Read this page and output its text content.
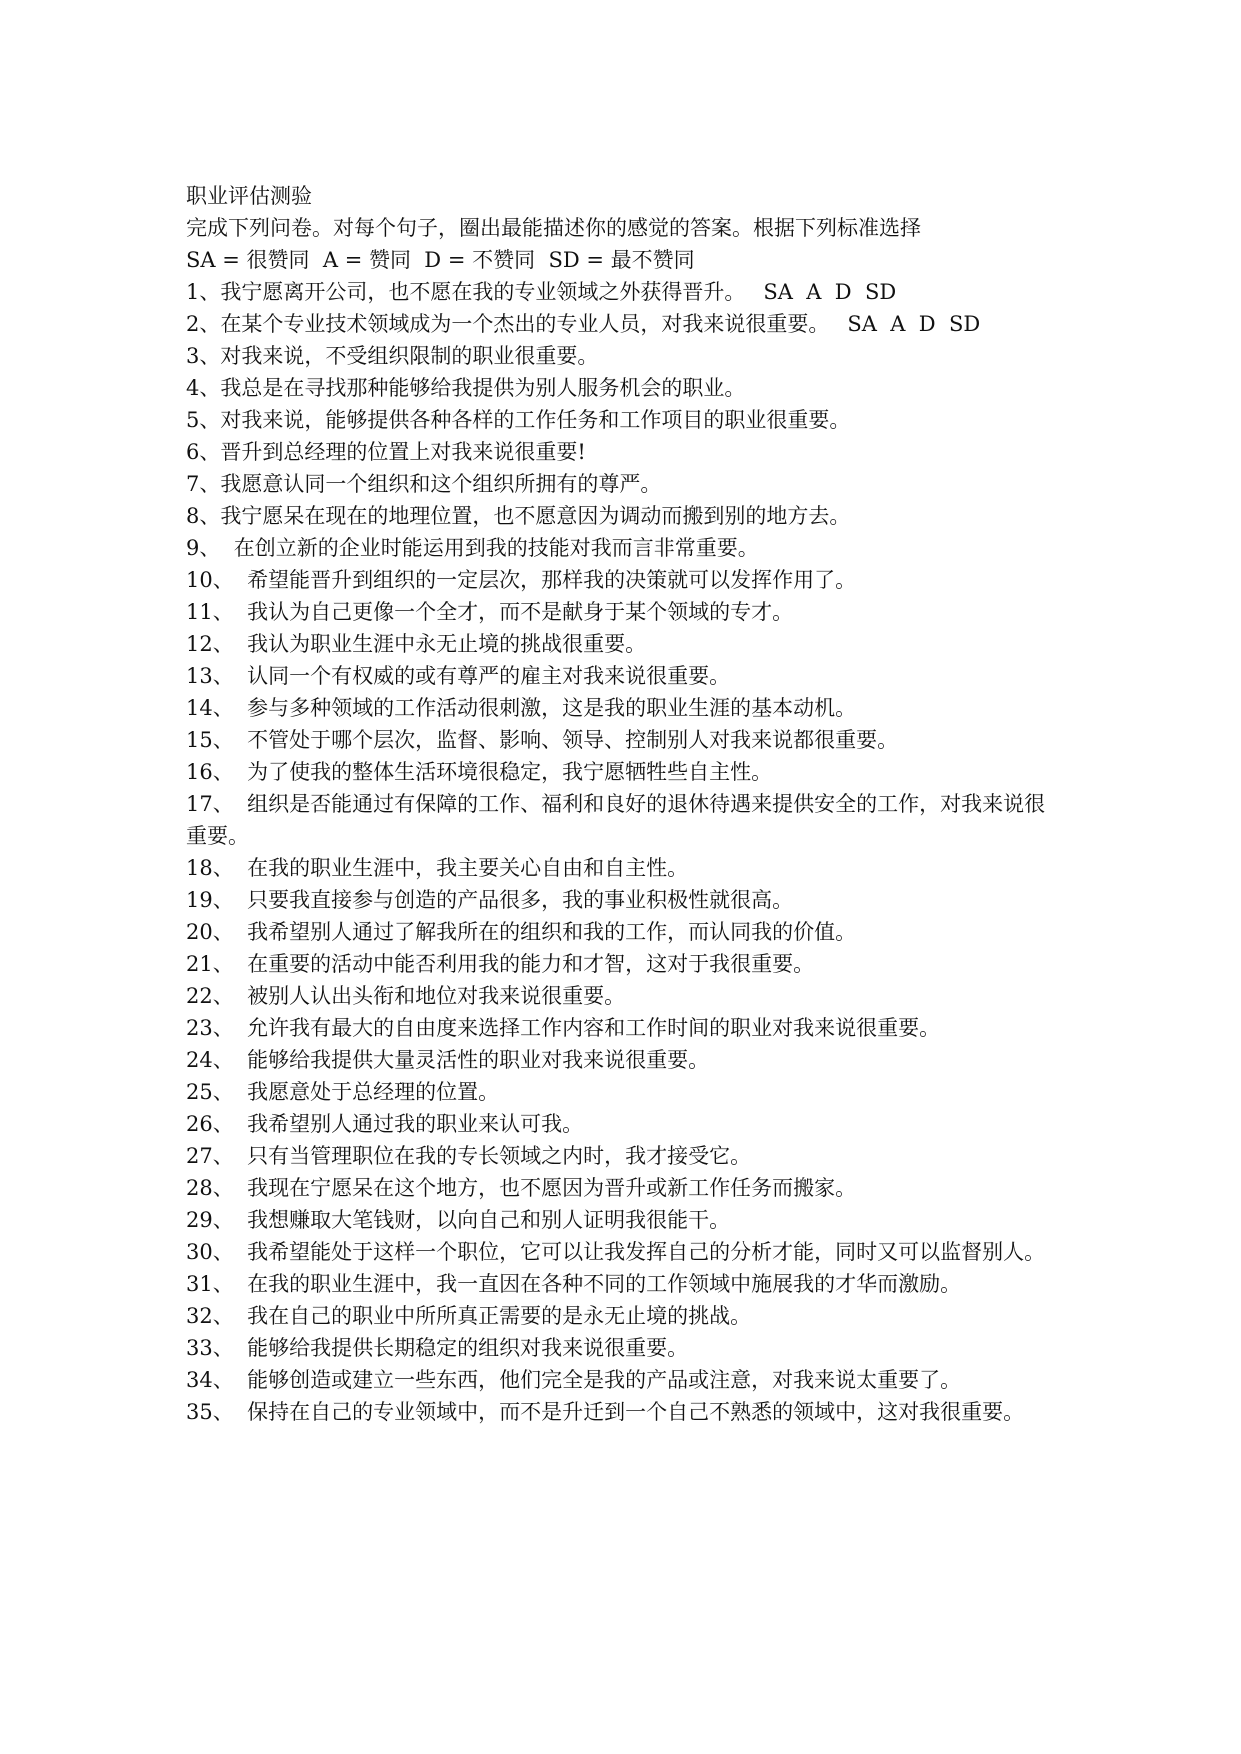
职业评估测验
完成下列问卷。对每个句子，圈出最能描述你的感觉的答案。根据下列标准选择
SA = 很赞同  A = 赞同  D = 不赞同  SD = 最不赞同
1、我宁愿离开公司，也不愿在我的专业领域之外获得晋升。 SA  A  D  SD
2、在某个专业技术领域成为一个杰出的专业人员，对我来说很重要。 SA  A  D  SD
3、对我来说，不受组织限制的职业很重要。
4、我总是在寻找那种能够给我提供为别人服务机会的职业。
5、对我来说，能够提供各种各样的工作任务和工作项目的职业很重要。
6、晋升到总经理的位置上对我来说很重要!
7、我愿意认同一个组织和这个组织所拥有的尊严。
8、我宁愿呆在现在的地理位置，也不愿意因为调动而搬到别的地方去。
9、  在创立新的企业时能运用到我的技能对我而言非常重要。
10、  希望能晋升到组织的一定层次，那样我的决策就可以发挥作用了。
11、  我认为自己更像一个全才，而不是献身于某个领域的专才。
12、  我认为职业生涯中永无止境的挑战很重要。
13、  认同一个有权威的或有尊严的雇主对我来说很重要。
14、  参与多种领域的工作活动很刺激，这是我的职业生涯的基本动机。
15、  不管处于哪个层次，监督、影响、领导、控制别人对我来说都很重要。
16、  为了使我的整体生活环境很稳定，我宁愿牺牲些自主性。
17、  组织是否能通过有保障的工作、福利和良好的退休待遇来提供安全的工作，对我来说很重要。
18、  在我的职业生涯中，我主要关心自由和自主性。
19、  只要我直接参与创造的产品很多，我的事业积极性就很高。
20、  我希望别人通过了解我所在的组织和我的工作，而认同我的价值。
21、  在重要的活动中能否利用我的能力和才智，这对于我很重要。
22、  被别人认出头衔和地位对我来说很重要。
23、  允许我有最大的自由度来选择工作内容和工作时间的职业对我来说很重要。
24、  能够给我提供大量灵活性的职业对我来说很重要。
25、  我愿意处于总经理的位置。
26、  我希望别人通过我的职业来认可我。
27、  只有当管理职位在我的专长领域之内时，我才接受它。
28、  我现在宁愿呆在这个地方，也不愿因为晋升或新工作任务而搬家。
29、  我想赚取大笔钱财，以向自己和别人证明我很能干。
30、  我希望能处于这样一个职位，它可以让我发挥自己的分析才能，同时又可以监督别人。
31、  在我的职业生涯中，我一直因在各种不同的工作领域中施展我的才华而激励。
32、  我在自己的职业中所所真正需要的是永无止境的挑战。
33、  能够给我提供长期稳定的组织对我来说很重要。
34、  能够创造或建立一些东西，他们完全是我的产品或注意，对我来说太重要了。
35、  保持在自己的专业领域中，而不是升迁到一个自己不熟悉的领域中，这对我很重要。
